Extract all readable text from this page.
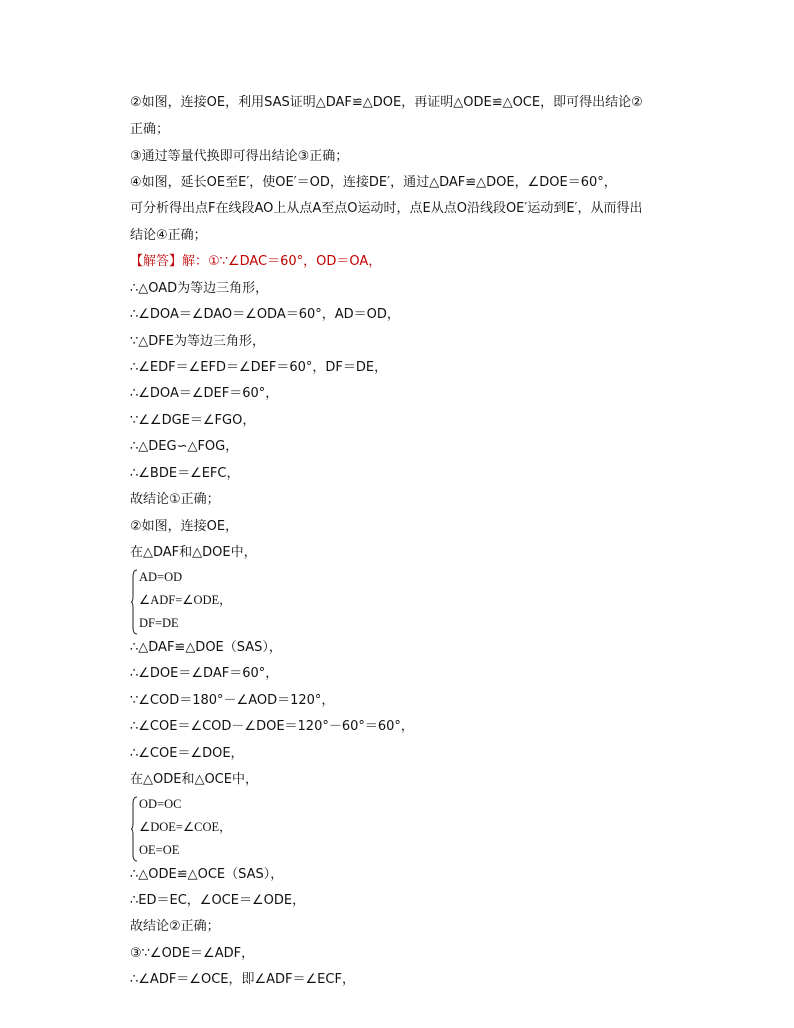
②如图，连接OE，利用SAS证明△DAF≌△DOE，再证明△ODE≌△OCE，即可得出结论②
正确；
③通过等量代换即可得出结论③正确；
④如图，延长OE至E′，使OE′＝OD，连接DE′，通过△DAF≌△DOE，∠DOE＝60°，
可分析得出点F在线段AO上从点A至点O运动时，点E从点O沿线段OE′运动到E′，从而得出
结论④正确；
【解答】解：①∵∠DAC＝60°，OD＝OA，
∴△OAD为等边三角形，
∴∠DOA＝∠DAO＝∠ODA＝60°，AD＝OD，
∵△DFE为等边三角形，
∴∠EDF＝∠EFD＝∠DEF＝60°，DF＝DE，
∴∠DOA＝∠DEF＝60°，
∵∠∠DGE＝∠FGO，
∴△DEG∽△FOG，
∴∠BDE＝∠EFC，
故结论①正确；
②如图，连接OE，
在△DAF和△DOE中，
AD=OD
∠ADF=∠ODE，
DF=DE
∴△DAF≌△DOE（SAS），
∴∠DOE＝∠DAF＝60°，
∵∠COD＝180°－∠AOD＝120°，
∴∠COE＝∠COD－∠DOE＝120°－60°＝60°，
∴∠COE＝∠DOE，
在△ODE和△OCE中，
OD=OC
∠DOE=∠COE，
OE=OE
∴△ODE≌△OCE（SAS），
∴ED＝EC，∠OCE＝∠ODE，
故结论②正确；
③∵∠ODE＝∠ADF，
∴∠ADF＝∠OCE，即∠ADF＝∠ECF，
